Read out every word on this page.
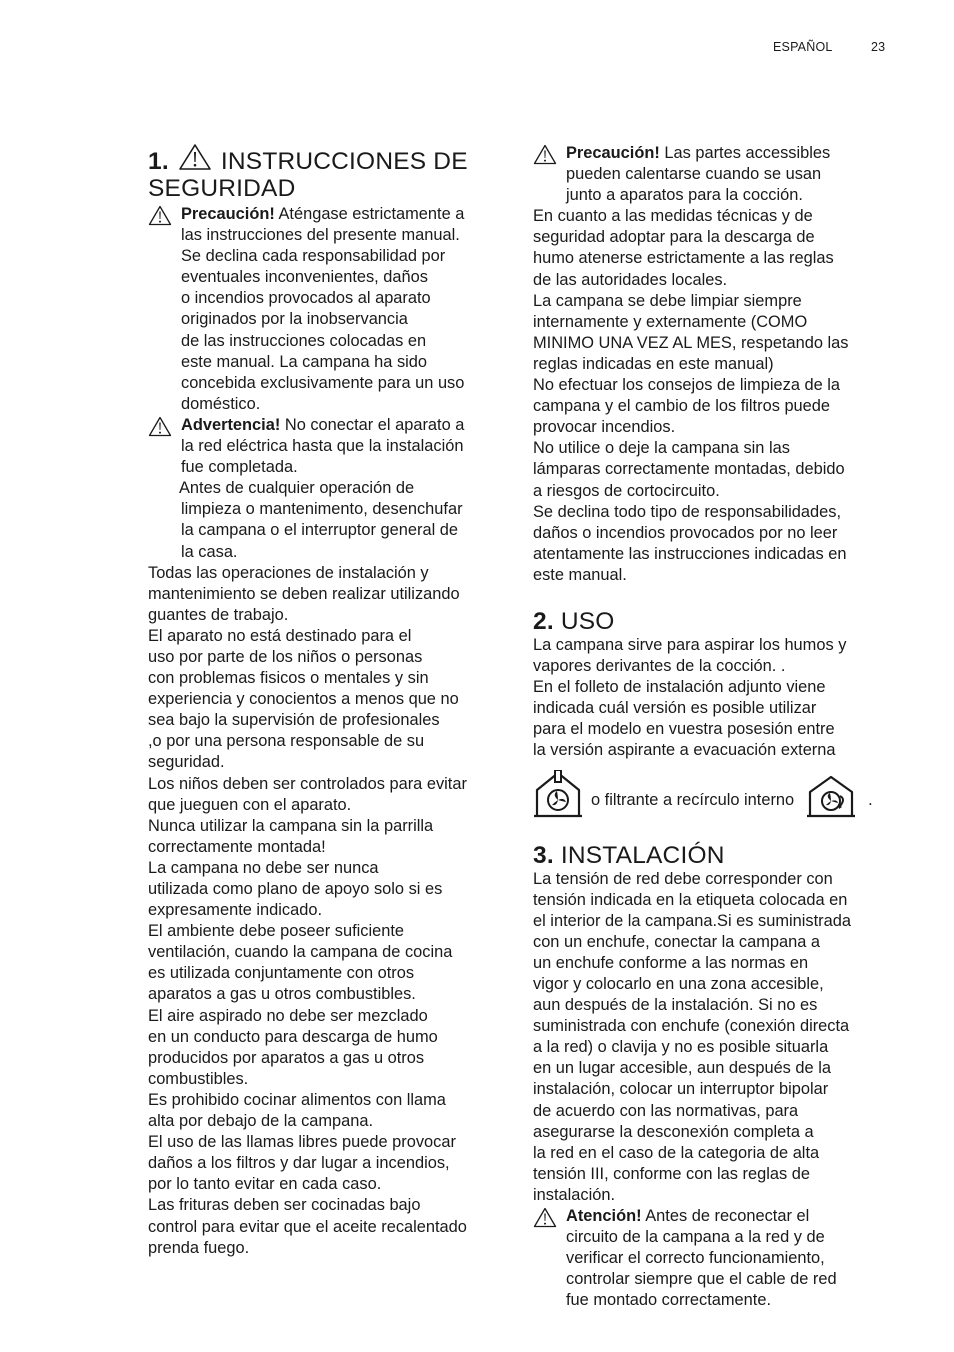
ESPAÑOL	23
1. INSTRUCCIONES DE SEGURIDAD
Precaución! Aténgase estrictamente a
las instrucciones del presente manual.
Se declina cada responsabilidad por
eventuales inconvenientes, daños
o incendios provocados al aparato
originados por la inobservancia
de las instrucciones colocadas en
este manual. La campana ha sido
concebida exclusivamente para un uso
doméstico.
Advertencia! No conectar el aparato a
la red eléctrica hasta que la instalación
fue completada.
Antes de cualquier operación de
limpieza o mantenimento, desenchufar
la campana o el interruptor general de
la casa.
Todas las operaciones de instalación y
mantenimiento se deben realizar utilizando
guantes de trabajo.
El aparato no está destinado para el
uso por parte de los niños o personas
con problemas fisicos o mentales y sin
experiencia y conocientos a menos que no
sea bajo la supervisión de profesionales
,o por una persona responsable de su
seguridad.
Los niños deben ser controlados para evitar
que jueguen con el aparato.
Nunca utilizar la campana sin la parrilla
correctamente montada!
La campana no debe ser nunca
utilizada como plano de apoyo solo si es
expresamente indicado.
El ambiente debe poseer suficiente
ventilación, cuando la campana de cocina
es utilizada conjuntamente con otros
aparatos a gas u otros combustibles.
El aire aspirado no debe ser mezclado
en un conducto para descarga de humo
producidos por aparatos a gas u otros
combustibles.
Es prohibido cocinar alimentos con llama
alta por debajo de la campana.
El uso de las llamas libres puede provocar
daños a los filtros y dar lugar a incendios,
por lo tanto evitar en cada caso.
Las frituras deben ser cocinadas bajo
control para evitar que el aceite recalentado
prenda fuego.
Precaución! Las partes accessibles
pueden calentarse cuando se usan
junto a aparatos para la cocción.
En cuanto a las medidas técnicas y de
seguridad adoptar para la descarga de
humo atenerse estrictamente a las reglas
de las autoridades locales.
La campana se debe limpiar siempre
internamente y externamente (COMO
MINIMO UNA VEZ AL MES, respetando las
reglas indicadas en este manual)
No efectuar los consejos de limpieza de la
campana y el cambio de los filtros puede
provocar incendios.
No utilice o deje la campana sin las
lámparas correctamente montadas, debido
a riesgos de cortocircuito.
Se declina todo tipo de responsabilidades,
daños o incendios provocados por no leer
atentamente las instrucciones indicadas en
este manual.
2. USO
La campana sirve para aspirar los humos y
vapores derivantes de la cocción. .
En el folleto de instalación adjunto viene
indicada cuál versión es posible utilizar
para el modelo en vuestra posesión entre
la versión aspirante a evacuación externa
o filtrante a recírculo interno	.
3. INSTALACIÓN
La tensión de red debe corresponder con
tensión indicada en la etiqueta colocada en
el interior de la campana.Si es suministrada
con un enchufe, conectar la campana a
un enchufe conforme a las normas en
vigor y colocarlo en una zona accesible,
aun después de la instalación. Si no es
suministrada con enchufe (conexión directa
a la red) o clavija y no es posible situarla
en un lugar accesible, aun después de la
instalación, colocar un interruptor bipolar
de acuerdo con las normativas, para
asegurarse la desconexión completa a
la red en el caso de la categoria de alta
tensión III, conforme con las reglas de
instalación.
Atención! Antes de reconectar el
circuito de la campana a la red y de
verificar el correcto funcionamiento,
controlar siempre que el cable de red
fue montado correctamente.
